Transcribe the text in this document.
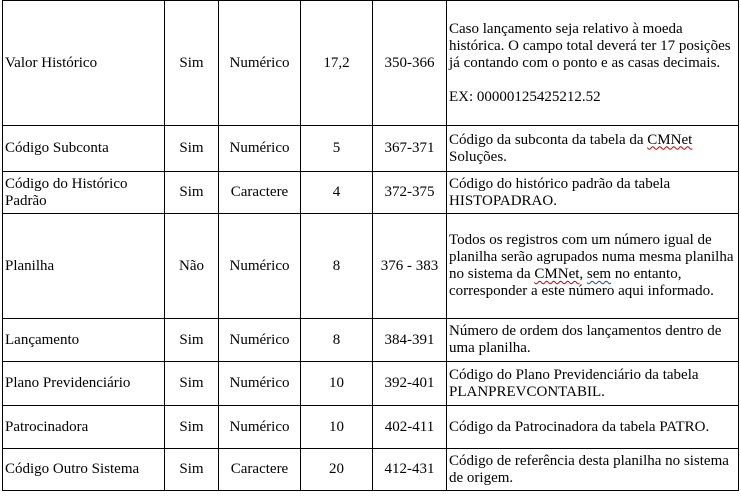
Valor Histórico	Sim	Numérico	17,2	350-366	Caso lançamento seja relativo à moeda histórica. O campo total deverá ter 17 posições já contando com o ponto e as casas decimais.
EX: 00000125425212.52
Código Subconta	Sim	Numérico	5	367-371	Código da subconta da tabela da CMNet Soluções.
Código do Histórico Padrão	Sim	Caractere	4	372-375	Código do histórico padrão da tabela HISTOPADRAO.
Planilha	Não	Numérico	8	376 - 383	Todos os registros com um número igual de planilha serão agrupados numa mesma planilha no sistema da CMNet, sem no entanto, corresponder a este número aqui informado.
Lançamento	Sim	Numérico	8	384-391	Número de ordem dos lançamentos dentro de uma planilha.
Plano Previdenciário	Sim	Numérico	10	392-401	Código do Plano Previdenciário da tabela PLANPREVCONTABIL.
Patrocinadora	Sim	Numérico	10	402-411	Código da Patrocinadora da tabela PATRO.
Código Outro Sistema	Sim	Caractere	20	412-431	Código de referência desta planilha no sistema de origem.
